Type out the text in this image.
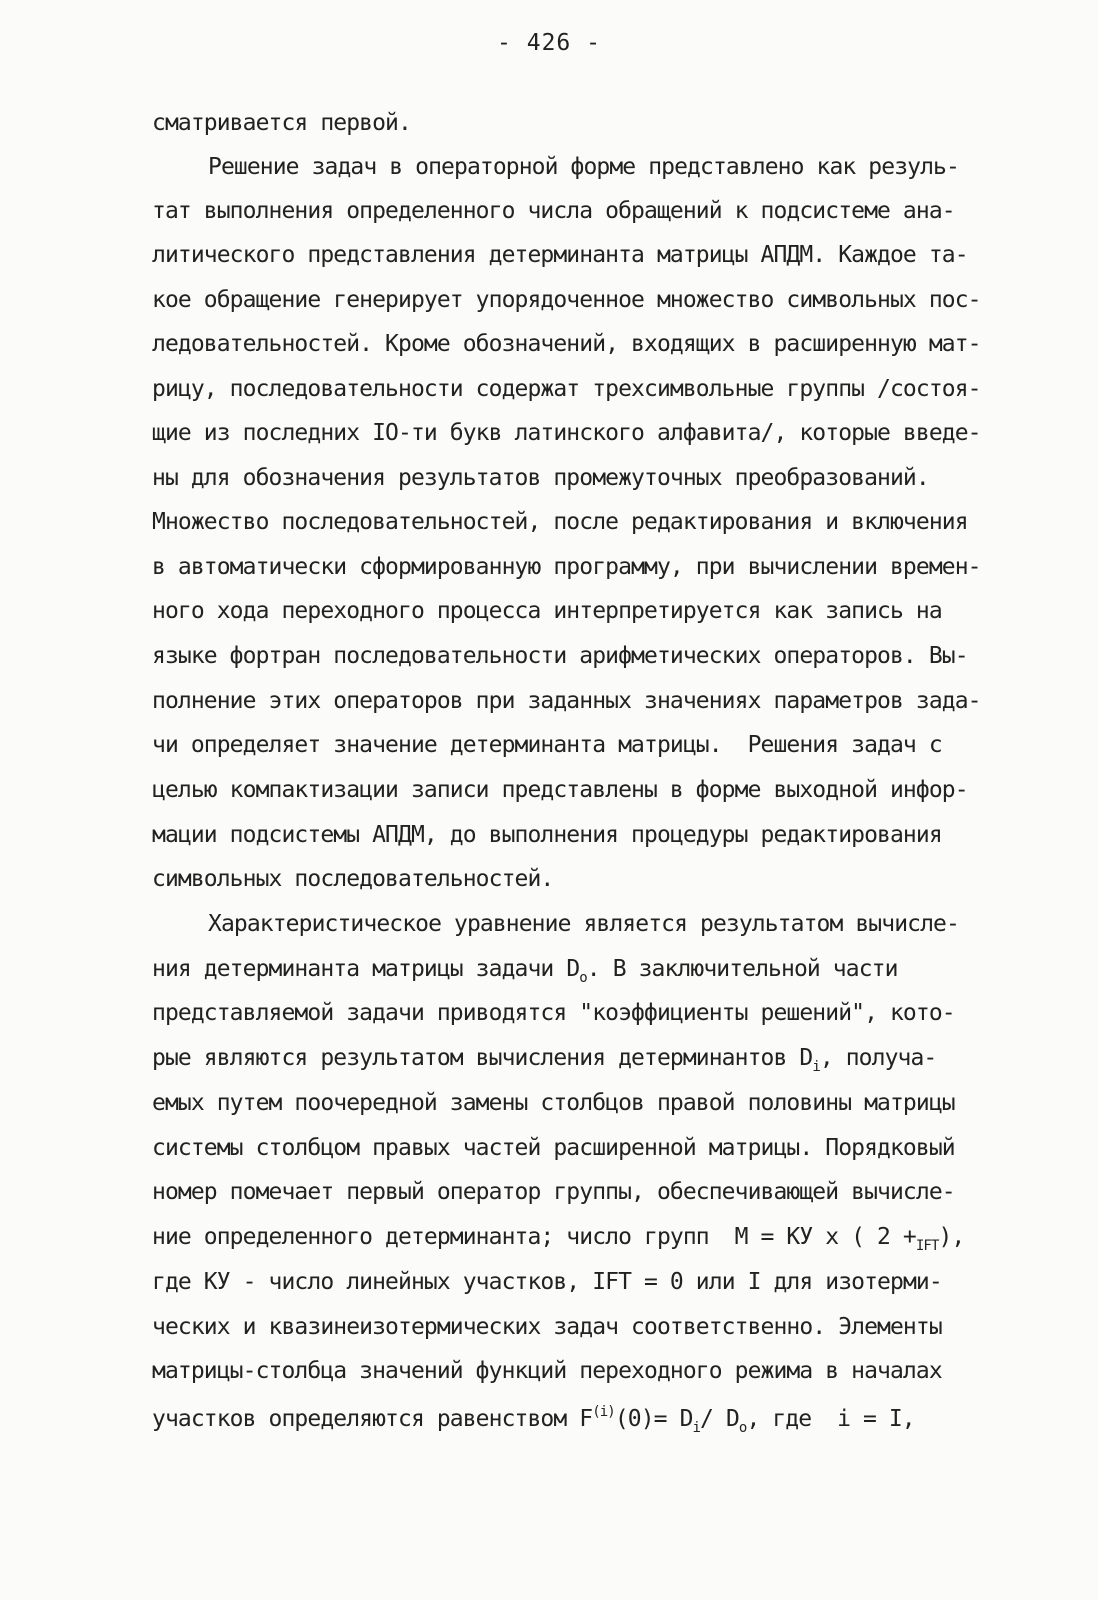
- 426 -
сматривается первой.
Решение задач в операторной форме представлено как резуль-
тат выполнения определенного числа обращений к подсистеме ана-
литического представления детерминанта матрицы АПДМ. Каждое та-
кое обращение генерирует упорядоченное множество символьных пос-
ледовательностей. Кроме обозначений, входящих в расширенную мат-
рицу, последовательности содержат трехсимвольные группы /состоя-
щие из последних IO-ти букв латинского алфавита/, которые введе-
ны для обозначения результатов промежуточных преобразований.
Множество последовательностей, после редактирования и включения
в автоматически сформированную программу, при вычислении времен-
ного хода переходного процесса интерпретируется как запись на
языке фортран последовательности арифметических операторов. Вы-
полнение этих операторов при заданных значениях параметров зада-
чи определяет значение детерминанта матрицы.  Решения задач с
целью компактизации записи представлены в форме выходной инфор-
мации подсистемы АПДМ, до выполнения процедуры редактирования
символьных последовательностей.
Характеристическое уравнение является результатом вычисле-
ния детерминанта матрицы задачи $D_o$. В заключительной части
представляемой задачи приводятся "коэффициенты решений", кото-
рые являются результатом вычисления детерминантов $D_i$, получа-
емых путем поочередной замены столбцов правой половины матрицы
системы столбцом правых частей расширенной матрицы. Порядковый
номер помечает первый оператор группы, обеспечивающей вычисле-
ние определенного детерминанта; число групп  M = КУ x ( $2 +_{IFT}$),
где КУ - число линейных участков, IFT = 0 или I для изотерми-
ческих и квазинеизотермических задач соответственно. Элементы
матрицы-столбца значений функций переходного режима в началах
участков определяются равенством $F^{(i)}(0)= D_i/$ $D_o$, где  i = I,
